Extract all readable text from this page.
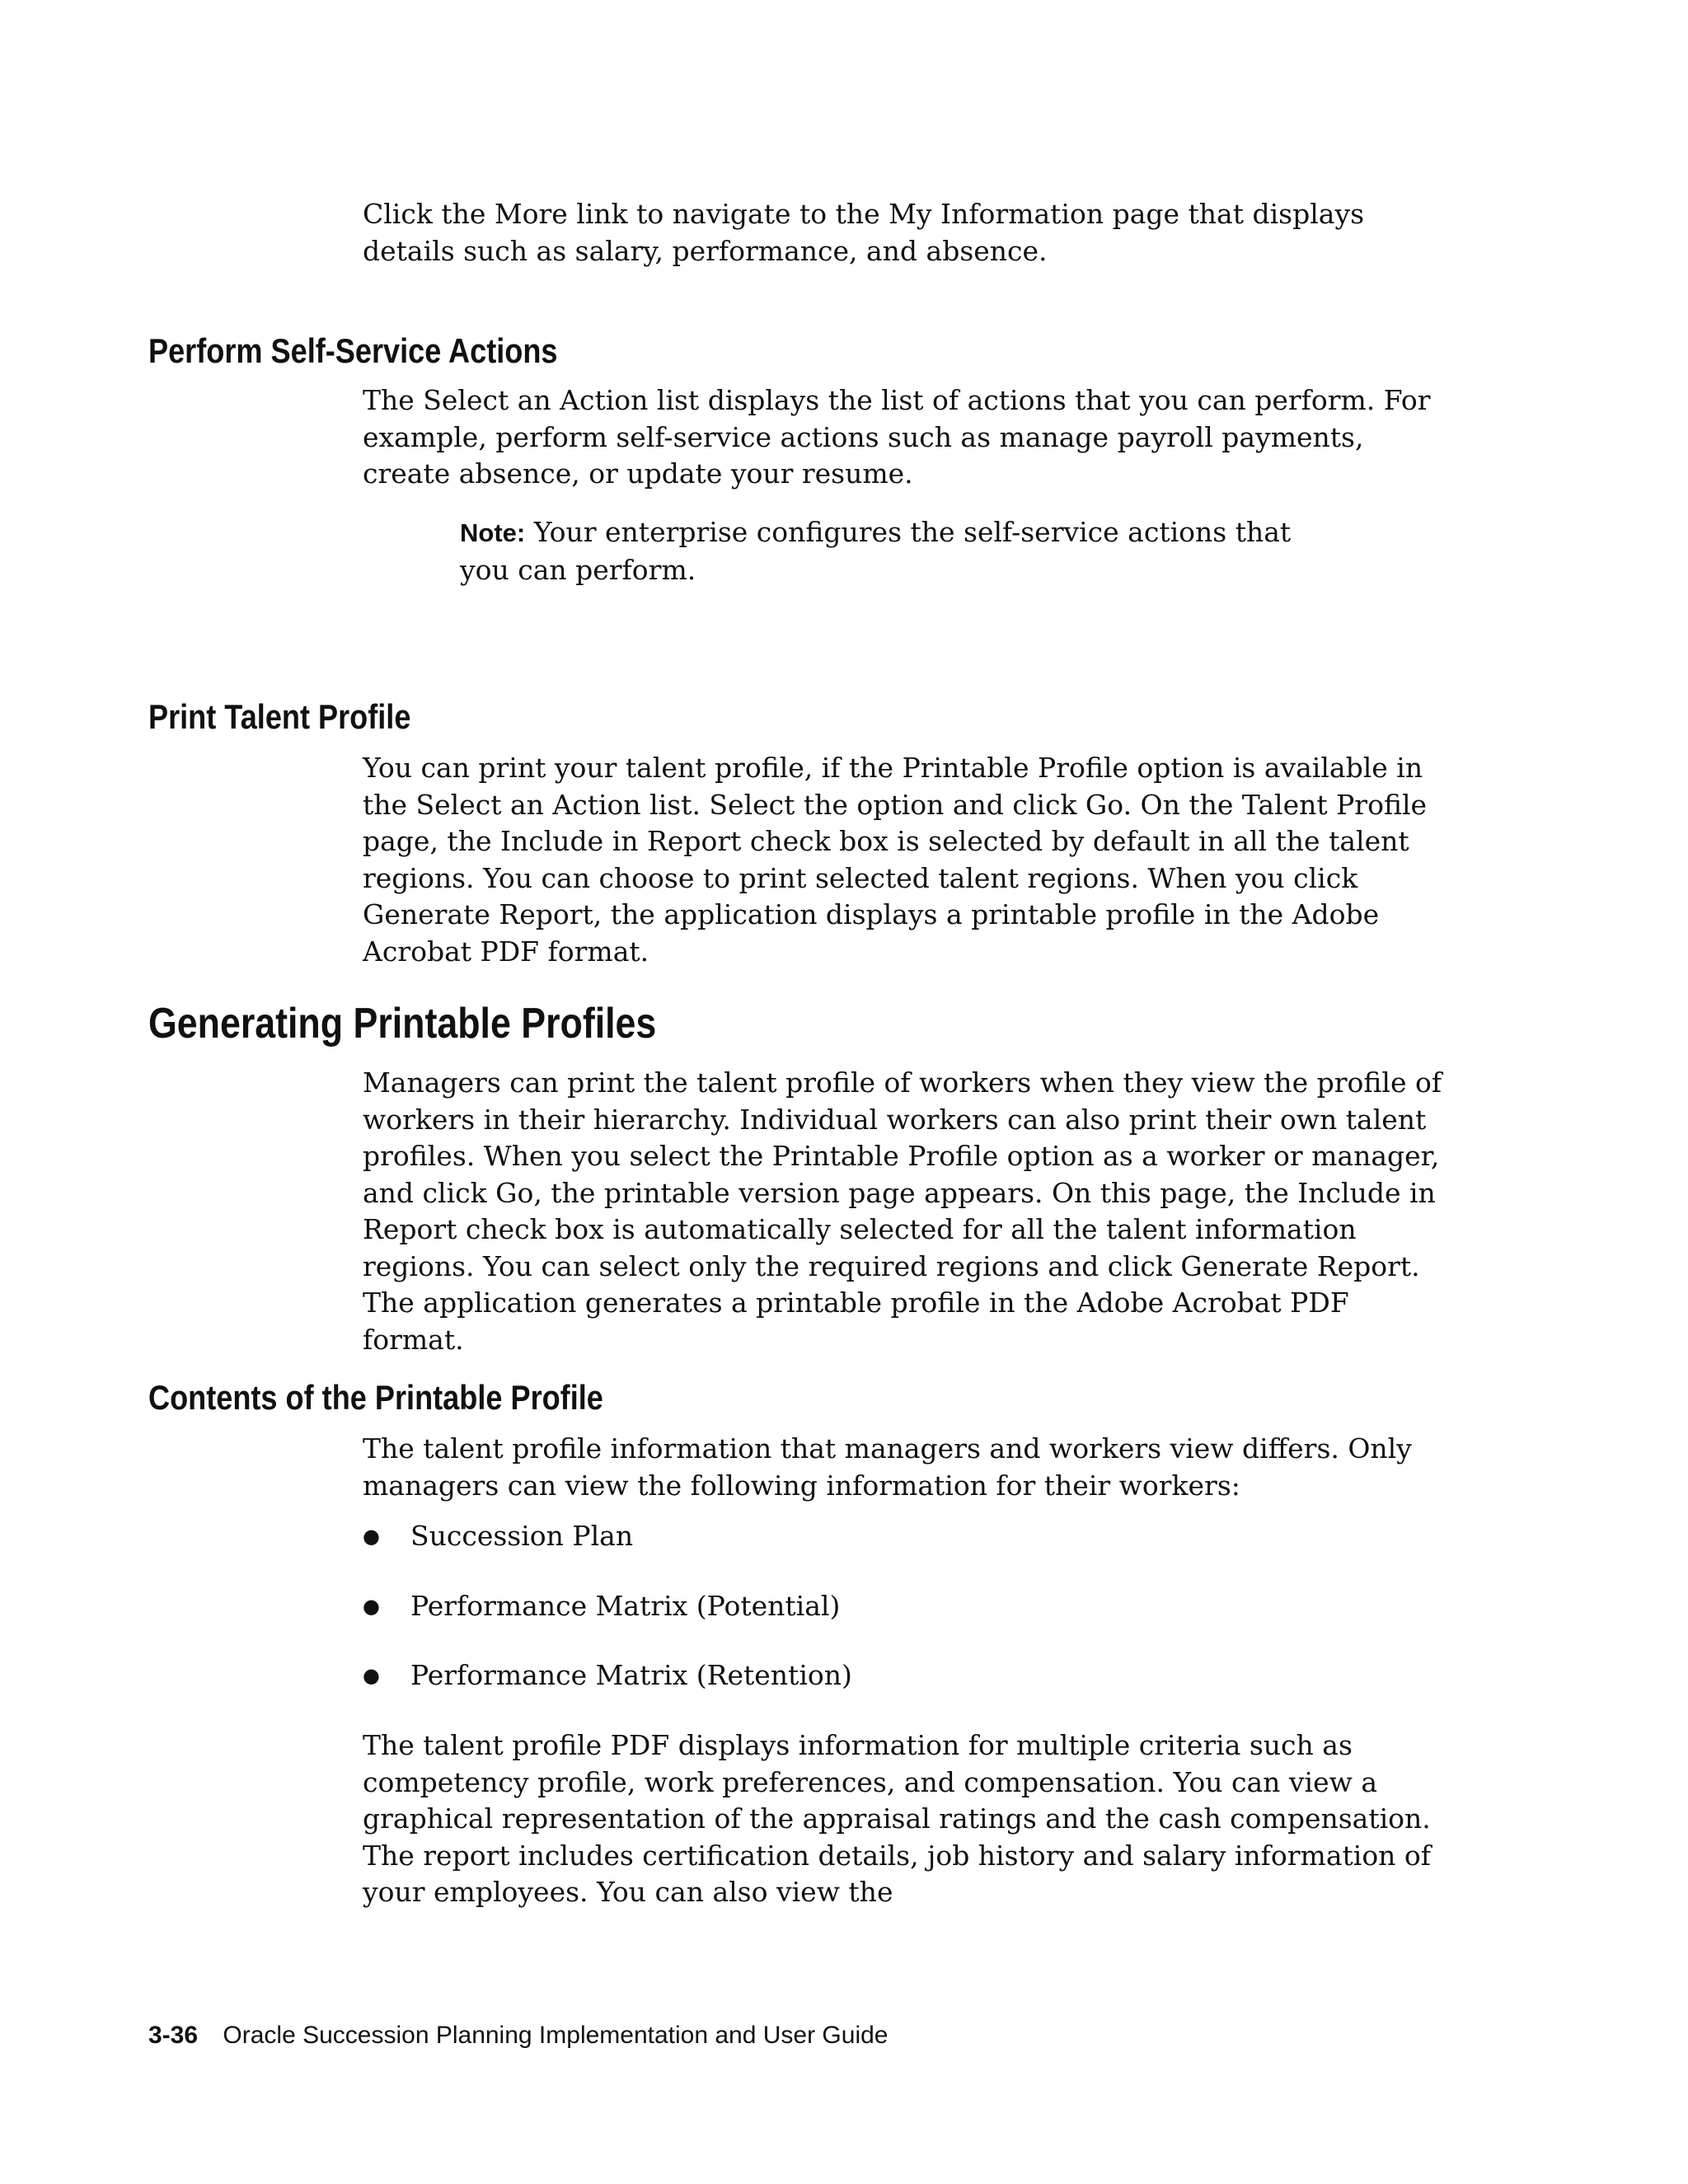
Click the More link to navigate to the My Information page that displays details such as salary, performance, and absence.

Perform Self-Service Actions

The Select an Action list displays the list of actions that you can perform. For example, perform self-service actions such as manage payroll payments, create absence, or update your resume.

Note: Your enterprise configures the self-service actions that you can perform.

Print Talent Profile

You can print your talent profile, if the Printable Profile option is available in the Select an Action list. Select the option and click Go. On the Talent Profile page, the Include in Report check box is selected by default in all the talent regions. You can choose to print selected talent regions. When you click Generate Report, the application displays a printable profile in the Adobe Acrobat PDF format.

Generating Printable Profiles

Managers can print the talent profile of workers when they view the profile of workers in their hierarchy. Individual workers can also print their own talent profiles. When you select the Printable Profile option as a worker or manager, and click Go, the printable version page appears. On this page, the Include in Report check box is automatically selected for all the talent information regions. You can select only the required regions and click Generate Report. The application generates a printable profile in the Adobe Acrobat PDF format.

Contents of the Printable Profile

The talent profile information that managers and workers view differs. Only managers can view the following information for their workers:

● Succession Plan
● Performance Matrix (Potential)
● Performance Matrix (Retention)

The talent profile PDF displays information for multiple criteria such as competency profile, work preferences, and compensation. You can view a graphical representation of the appraisal ratings and the cash compensation. The report includes certification details, job history and salary information of your employees. You can also view the

3-36 Oracle Succession Planning Implementation and User Guide
